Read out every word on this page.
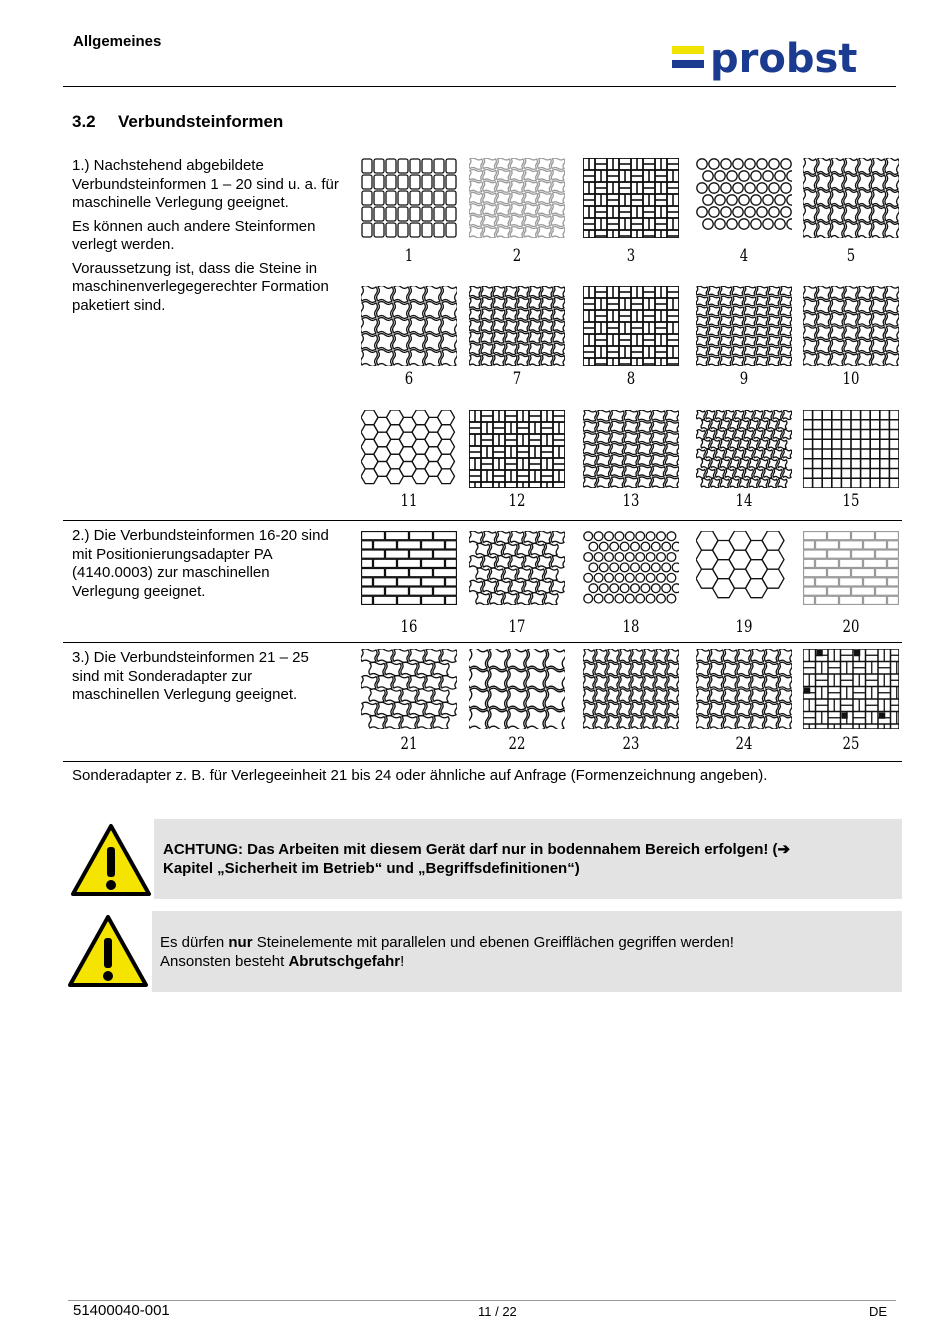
Allgemeines	probst
3.2 Verbundsteinformen

1.) Nachstehend abgebildete Verbundsteinformen 1 – 20 sind u. a. für maschinelle Verlegung geeignet.

Es können auch andere Steinformen verlegt werden.

Voraussetzung ist, dass die Steine in maschinenverlegegerechter Formation paketiert sind.

2.) Die Verbundsteinformen 16-20 sind mit Positionierungsadapter PA (4140.0003) zur maschinellen Verlegung geeignet.

3.) Die Verbundsteinformen 21 – 25 sind mit Sonderadapter zur maschinellen Verlegung geeignet.

1	2	3	4	5
6	7	8	9	10
11	12	13	14	15
16	17	18	19	20
21	22	23	24	25
Sonderadapter z. B. für Verlegeeinheit 21 bis 24 oder ähnliche auf Anfrage (Formenzeichnung angeben).
ACHTUNG: Das Arbeiten mit diesem Gerät darf nur in bodennahem Bereich erfolgen! (➔
Kapitel „Sicherheit im Betrieb“ und „Begriffsdefinitionen“)
Es dürfen nur Steinelemente mit parallelen und ebenen Greifflächen gegriffen werden!
Ansonsten besteht Abrutschgefahr!
51400040-001	11 / 22	DE
